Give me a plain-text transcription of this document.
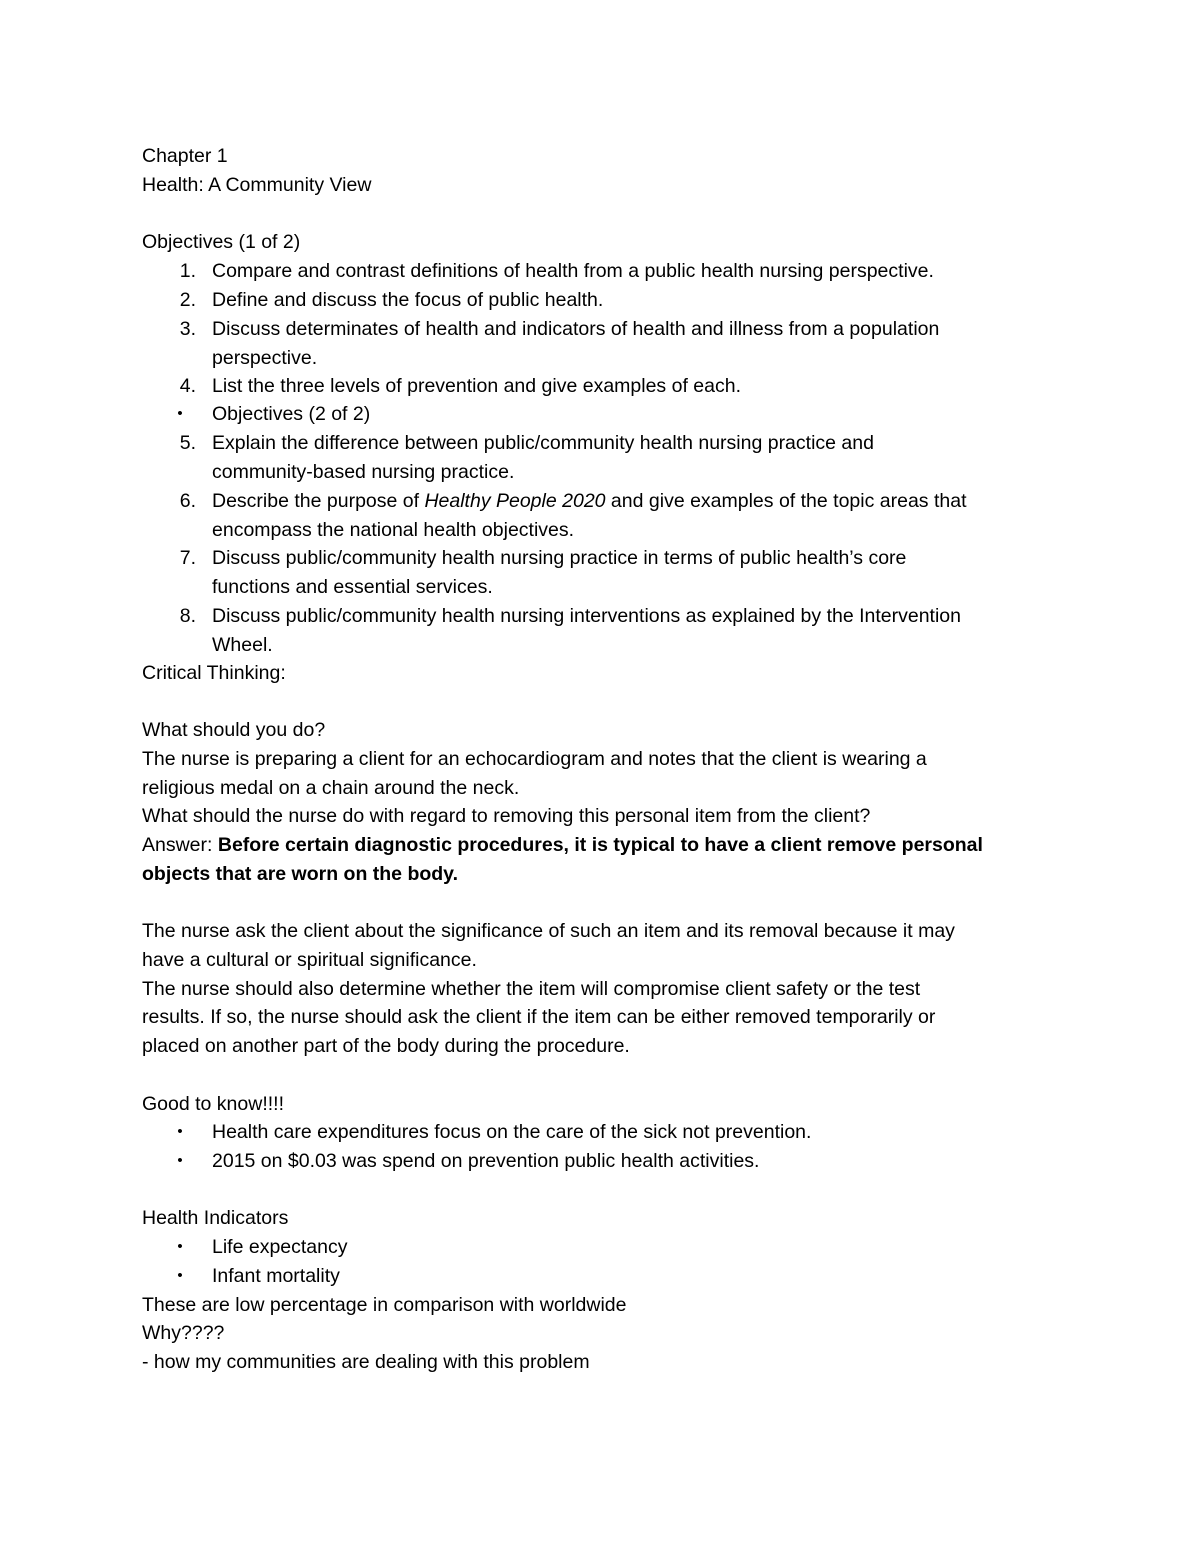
Chapter 1
Health: A Community View
Objectives (1 of 2)
1. Compare and contrast definitions of health from a public health nursing perspective.
2. Define and discuss the focus of public health.
3. Discuss determinates of health and indicators of health and illness from a population
perspective.
4. List the three levels of prevention and give examples of each.
•	Objectives (2 of 2)
5. Explain the difference between public/community health nursing practice and
community-based nursing practice.
6. Describe the purpose of Healthy People 2020 and give examples of the topic areas that
encompass the national health objectives.
7. Discuss public/community health nursing practice in terms of public health’s core
functions and essential services.
8. Discuss public/community health nursing interventions as explained by the Intervention
Wheel.
Critical Thinking:
What should you do?
The nurse is preparing a client for an echocardiogram and notes that the client is wearing a
religious medal on a chain around the neck.
What should the nurse do with regard to removing this personal item from the client?
Answer: Before certain diagnostic procedures, it is typical to have a client remove personal
objects that are worn on the body.
The nurse ask the client about the significance of such an item and its removal because it may
have a cultural or spiritual significance.
The nurse should also determine whether the item will compromise client safety or the test
results. If so, the nurse should ask the client if the item can be either removed temporarily or
placed on another part of the body during the procedure.
Good to know!!!!
•	Health care expenditures focus on the care of the sick not prevention.
•	2015 on $0.03 was spend on prevention public health activities.
Health Indicators
•	Life expectancy
•	Infant mortality
These are low percentage in comparison with worldwide
Why????
- how my communities are dealing with this problem
